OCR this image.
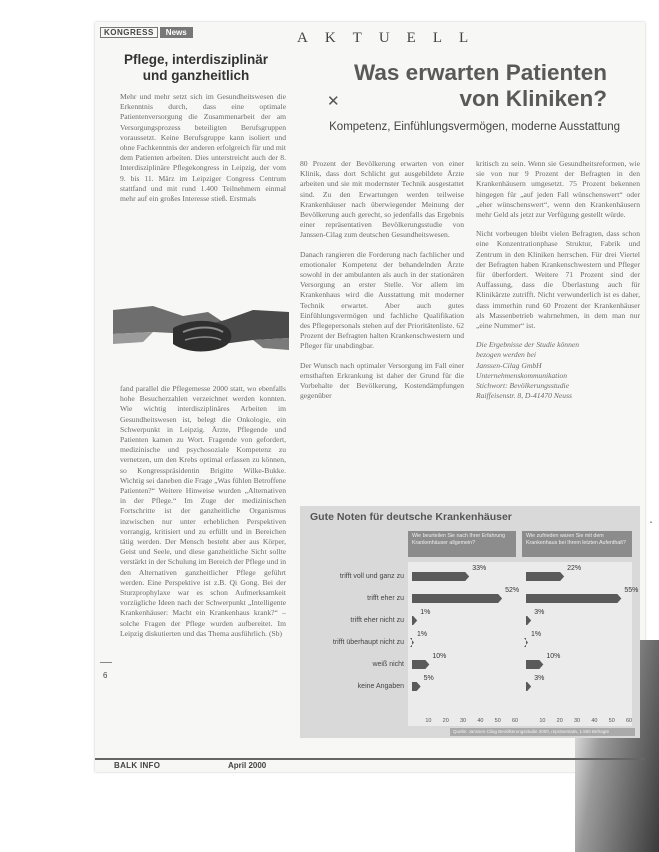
KONGRESS	News	AKTUELL
Pflege, interdisziplinär
und ganzheitlich	Was erwarten Patienten
von Kliniken?
✕
Kompetenz, Einfühlungsvermögen, moderne Ausstattung

Mehr und mehr setzt sich im Gesundheitswesen die Erkenntnis durch, dass eine optimale Patientenversorgung die Zusammenarbeit der am Versorgungsprozess beteiligten Berufsgruppen voraussetzt. Keine Berufsgruppe kann isoliert und ohne Fachkenntnis der anderen erfolgreich für und mit dem Patienten arbeiten. Dies unterstreicht auch der 8. Interdisziplinäre Pflegekongress in Leipzig, der vom 9. bis 11. März im Leipziger Congress Centrum stattfand und mit rund 1.400 Teilnehmern einmal mehr auf ein großes Interesse stieß. Erstmals

fand parallel die Pflegemesse 2000 statt, wo ebenfalls hohe Besucherzahlen verzeichnet werden konnten. Wie wichtig interdisziplinäres Arbeiten im Gesundheitswesen ist, belegt die Onkologie, ein Schwerpunkt in Leipzig. Ärzte, Pflegende und Patienten kamen zu Wort. Fragende von gefordert, medizinische und psychosoziale Kompetenz zu vernetzen, um den Krebs optimal erfassen zu können, so Kongresspräsidentin Brigitte Wilke-Bukke. Wichtig sei daneben die Frage „Was fühlen Betroffene Patienten?“ Weitere Hinweise wurden „Alternativen in der Pflege.“ Im Zuge der medizinischen Fortschritte ist der ganzheitliche Organismus inzwischen nur unter erheblichen Perspektiven vorrangig, kritisiert und zu erfüllt und in Bereichen tätig werden. Der Mensch besteht aber aus Körper, Geist und Seele, und diese ganzheitliche Sicht sollte verstärkt in der Schulung im Bereich der Pflege und in den Alternativen ganzheitlicher Pflege geführt werden. Eine Perspektive ist z.B. Qi Gong. Bei der Sturzprophylaxe war es schon Aufmerksamkeit vorzügliche Ideen nach der Schwerpunkt „Intelligente Krankenhäuser: Macht ein Krankenhaus krank?“ – solche Fragen der Pflege wurden aufbereitet. Im Leipzig diskutierten und das Thema ausführlich. (Sb)

6

80 Prozent der Bevölkerung erwarten von einer Klinik, dass dort Schlicht gut ausgebildete Ärzte arbeiten und sie mit modernster Technik ausgestattet sind. Zu den Erwartungen werden teilweise Krankenhäuser nach überwiegender Meinung der Bevölkerung auch gerecht, so jedenfalls das Ergebnis einer repräsentativen Bevölkerungsstudie von Janssen-Cilag zum deutschen Gesundheitswesen.

Danach rangieren die Forderung nach fachlicher und emotionaler Kompetenz der behandelnden Ärzte sowohl in der ambulanten als auch in der stationären Versorgung an erster Stelle. Vor allem im Krankenhaus wird die Ausstattung mit moderner Technik erwartet. Aber auch gutes Einfühlungsvermögen und fachliche Qualifikation des Pflegepersonals stehen auf der Prioritätenliste. 62 Prozent der Befragten halten Krankenschwestern und Pfleger für unabdingbar.

Der Wunsch nach optimaler Versorgung im Fall einer ernsthaften Erkrankung ist daher der Grund für die Vorbehalte der Bevölkerung, Kostendämpfungen gegenüber

kritisch zu sein. Wenn sie Gesundheitsreformen, wie sie von nur 9 Prozent der Befragten in den Krankenhäusern umgesetzt. 75 Prozent bekennen hingegen für „auf jeden Fall wünschenswert“ oder „eher wünschenswert“, wenn den Krankenhäusern mehr Geld als jetzt zur Verfügung gestellt würde.

Nicht vorbeugen bleibt vielen Befragten, dass schon eine Konzentrationphase Struktur, Fabrik und Zentrum in den Kliniken herrschen. Für drei Viertel der Befragten haben Krankenschwestern und Pfleger für überfordert. Weitere 71 Prozent sind der Auffassung, dass die Überlastung auch für Klinikärzte zutrifft. Nicht verwunderlich ist es daher, dass immerhin rund 60 Prozent der Krankenhäuser als Massenbetrieb wahrnehmen, in dem man nur „eine Nummer“ ist.

Die Ergebnisse der Studie können
bezogen werden bei
Janssen-Cilag GmbH
Unternehmenskommunikation
Stichwort: Bevölkerungsstudie
Raiffeisenstr. 8, D-41470 Neuss

Gute Noten für deutsche Krankenhäuser
Wie beurteilen Sie nach Ihrer Erfahrung Krankenhäuser allgemein?
Wie zufrieden waren Sie mit dem Krankenhaus bei Ihrem letzten Aufenthalt?
Quelle: Janssen-Cilag Bevölkerungsstudie 2000, repräsentativ, 1.500 Befragte
trifft voll und ganz zu
33%	22%
trifft eher zu
52%	55%
trifft eher nicht zu
1%	3%
trifft überhaupt nicht zu
1%	1%
weiß nicht
10%	10%
keine Angaben
5%	3%
10 20 30 40 50 60	10 20 30 40 50 60
▪
BALK INFO	April 2000
